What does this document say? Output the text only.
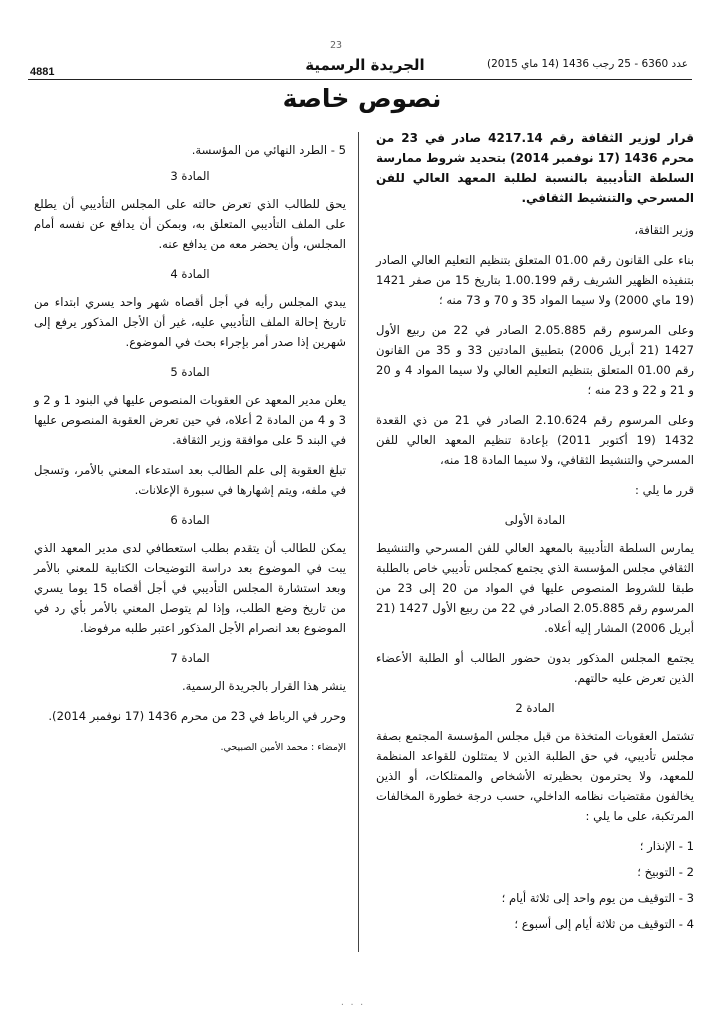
23
4881	الجريدة الرسمية	عدد 6360 - 25 رجب 1436 (14 ماي 2015)
نصوص خاصة

قرار لوزير الثقافة رقم 4217.14 صادر في 23 من محرم 1436 (17 نوفمبر 2014) بتحديد شروط ممارسة السلطة التأديبية بالنسبة لطلبة المعهد العالي للفن المسرحي والتنشيط الثقافي.

وزير الثقافة،

بناء على القانون رقم 01.00 المتعلق بتنظيم التعليم العالي الصادر بتنفيذه الظهير الشريف رقم 1.00.199 بتاريخ 15 من صفر 1421 (19 ماي 2000) ولا سيما المواد 35 و 70 و 73 منه ؛

وعلى المرسوم رقم 2.05.885 الصادر في 22 من ربيع الأول 1427 (21 أبريل 2006) بتطبيق المادتين 33 و 35 من القانون رقم 01.00 المتعلق بتنظيم التعليم العالي ولا سيما المواد 4 و 20 و 21 و 22 و 23 منه ؛

وعلى المرسوم رقم 2.10.624 الصادر في 21 من ذي القعدة 1432 (19 أكتوبر 2011) بإعادة تنظيم المعهد العالي للفن المسرحي والتنشيط الثقافي، ولا سيما المادة 18 منه،

قرر ما يلي :

المادة الأولى

يمارس السلطة التأديبية بالمعهد العالي للفن المسرحي والتنشيط الثقافي مجلس المؤسسة الذي يجتمع كمجلس تأديبي خاص بالطلبة طبقا للشروط المنصوص عليها في المواد من 20 إلى 23 من المرسوم رقم 2.05.885 الصادر في 22 من ربيع الأول 1427 (21 أبريل 2006) المشار إليه أعلاه.

يجتمع المجلس المذكور بدون حضور الطالب أو الطلبة الأعضاء الذين تعرض عليه حالتهم.

المادة 2

تشتمل العقوبات المتخذة من قبل مجلس المؤسسة المجتمع بصفة مجلس تأديبي، في حق الطلبة الذين لا يمتثلون للقواعد المنظمة للمعهد، ولا يحترمون بحظيرته الأشخاص والممتلكات، أو الذين يخالفون مقتضيات نظامه الداخلي، حسب درجة خطورة المخالفات المرتكبة، على ما يلي :

1 - الإنذار ؛

2 - التوبيخ ؛

3 - التوقيف من يوم واحد إلى ثلاثة أيام ؛

4 - التوقيف من ثلاثة أيام إلى أسبوع ؛

5 - الطرد النهائي من المؤسسة.

المادة 3

يحق للطالب الذي تعرض حالته على المجلس التأديبي أن يطلع على الملف التأديبي المتعلق به، وبمكن أن يدافع عن نفسه أمام المجلس، وأن يحضر معه من يدافع عنه.

المادة 4

يبدي المجلس رأيه في أجل أقصاه شهر واحد يسري ابتداء من تاريخ إحالة الملف التأديبي عليه، غير أن الأجل المذكور يرفع إلى شهرين إذا صدر أمر بإجراء بحث في الموضوع.

المادة 5

يعلن مدير المعهد عن العقوبات المنصوص عليها في البنود 1 و 2 و 3 و 4 من المادة 2 أعلاه، في حين تعرض العقوبة المنصوص عليها في البند 5 على موافقة وزير الثقافة.

تبلغ العقوبة إلى علم الطالب بعد استدعاء المعني بالأمر، وتسجل في ملفه، ويتم إشهارها في سبورة الإعلانات.

المادة 6

يمكن للطالب أن يتقدم بطلب استعطافي لدى مدير المعهد الذي يبت في الموضوع بعد دراسة التوضيحات الكتابية للمعني بالأمر وبعد استشارة المجلس التأديبي في أجل أقصاه 15 يوما يسري من تاريخ وضع الطلب، وإذا لم يتوصل المعني بالأمر بأي رد في الموضوع بعد انصرام الأجل المذكور اعتبر طلبه مرفوضا.

المادة 7

ينشر هذا القرار بالجريدة الرسمية.

وحرر في الرباط في 23 من محرم 1436 (17 نوفمبر 2014).

الإمضاء : محمد الأمين الصبيحي.

· · ·
